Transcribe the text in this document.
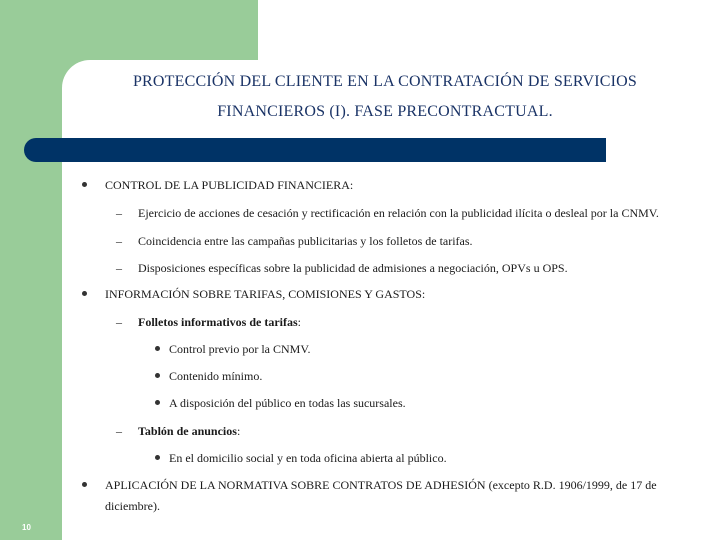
PROTECCIÓN DEL CLIENTE EN LA CONTRATACIÓN DE SERVICIOS
FINANCIEROS (I). FASE PRECONTRACTUAL.
CONTROL DE LA PUBLICIDAD FINANCIERA:
– Ejercicio de acciones de cesación y rectificación en relación con la publicidad ilícita o desleal por la CNMV.
– Coincidencia entre las campañas publicitarias y los folletos de tarifas.
– Disposiciones específicas sobre la publicidad de admisiones a negociación, OPVs u OPS.
INFORMACIÓN SOBRE TARIFAS, COMISIONES Y GASTOS:
– Folletos informativos de tarifas:
Control previo por la CNMV.
Contenido mínimo.
A disposición del público en todas las sucursales.
– Tablón de anuncios:
En el domicilio social y en toda oficina abierta al público.
APLICACIÓN DE LA NORMATIVA SOBRE CONTRATOS DE ADHESIÓN (excepto R.D. 1906/1999, de 17 de
diciembre).
10
